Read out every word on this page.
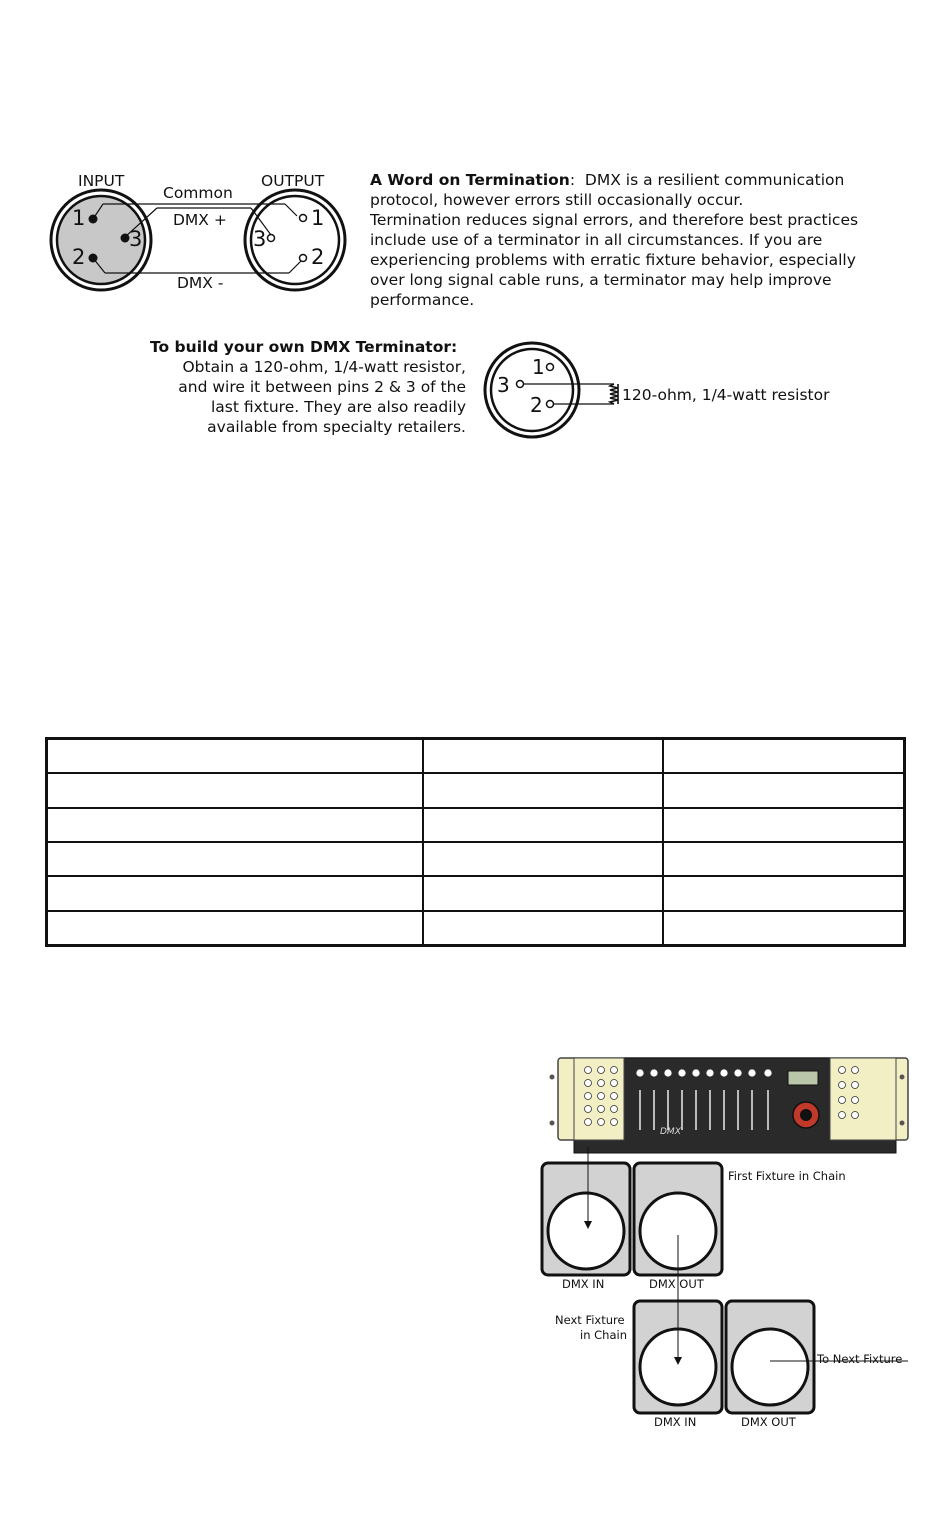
INPUT	OUTPUT
Common
DMX +
DMX -
1
3
2
1
3
2
A Word on Termination:  DMX is a resilient communication
protocol, however errors still occasionally occur.
Termination reduces signal errors, and therefore best practices
include use of a terminator in all circumstances. If you are
experiencing problems with erratic fixture behavior, especially
over long signal cable runs, a terminator may help improve
performance.
To build your own DMX Terminator:
Obtain a 120-ohm, 1/4-watt resistor,
and wire it between pins 2 & 3 of the
last fixture. They are also readily
available from specialty retailers.
1
3
2	120-ohm, 1/4-watt resistor

DMX
First Fixture in Chain
DMX IN	DMX OUT
Next Fixture
in Chain
To Next Fixture
DMX IN	DMX OUT
